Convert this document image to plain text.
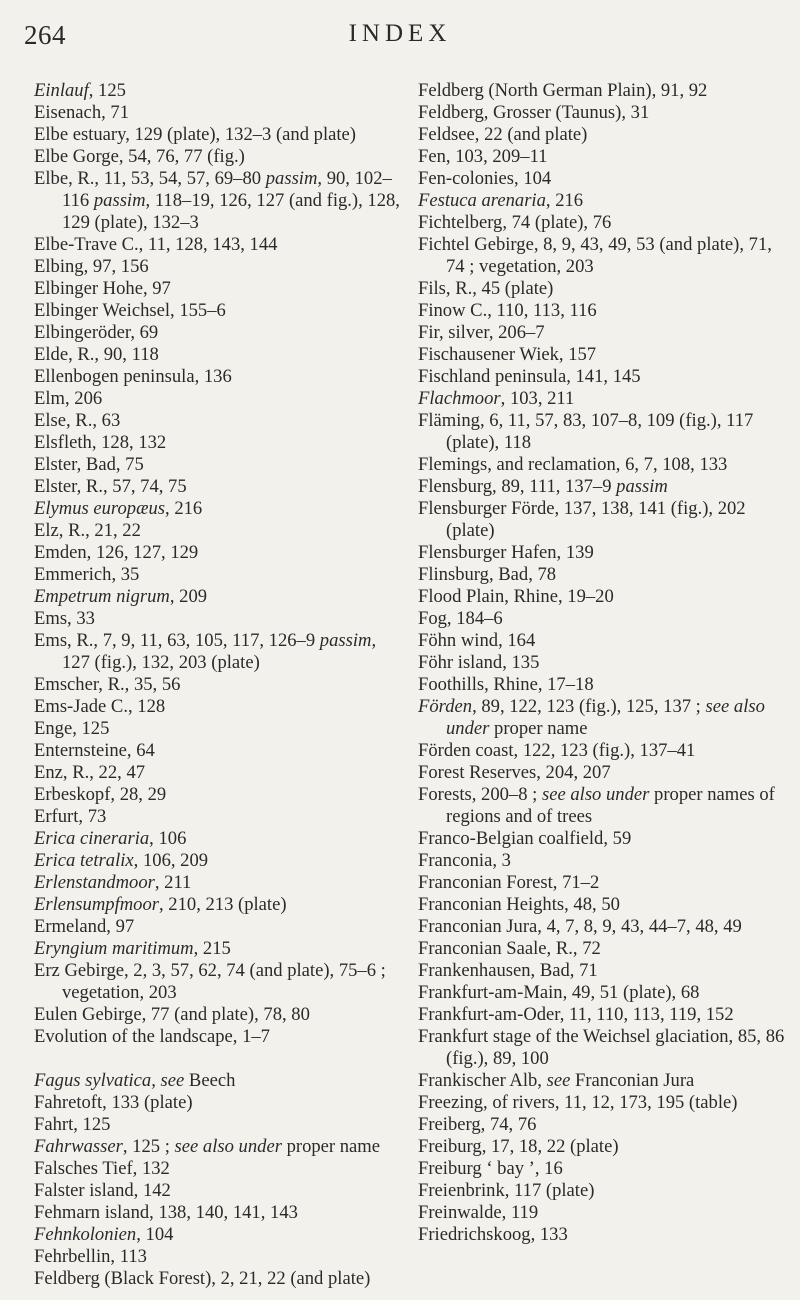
264	INDEX

Einlauf, 125

Eisenach, 71

Elbe estuary, 129 (plate), 132–3 (and plate)

Elbe Gorge, 54, 76, 77 (fig.)

Elbe, R., 11, 53, 54, 57, 69–80 passim, 90, 102–116 passim, 118–19, 126, 127 (and fig.), 128, 129 (plate), 132–3

Elbe-Trave C., 11, 128, 143, 144

Elbing, 97, 156

Elbinger Hohe, 97

Elbinger Weichsel, 155–6

Elbingeröder, 69

Elde, R., 90, 118

Ellenbogen peninsula, 136

Elm, 206

Else, R., 63

Elsfleth, 128, 132

Elster, Bad, 75

Elster, R., 57, 74, 75

Elymus europæus, 216

Elz, R., 21, 22

Emden, 126, 127, 129

Emmerich, 35

Empetrum nigrum, 209

Ems, 33

Ems, R., 7, 9, 11, 63, 105, 117, 126–9 passim, 127 (fig.), 132, 203 (plate)

Emscher, R., 35, 56

Ems-Jade C., 128

Enge, 125

Enternsteine, 64

Enz, R., 22, 47

Erbeskopf, 28, 29

Erfurt, 73

Erica cineraria, 106

Erica tetralix, 106, 209

Erlenstandmoor, 211

Erlensumpfmoor, 210, 213 (plate)

Ermeland, 97

Eryngium maritimum, 215

Erz Gebirge, 2, 3, 57, 62, 74 (and plate), 75–6 ; vegetation, 203

Eulen Gebirge, 77 (and plate), 78, 80

Evolution of the landscape, 1–7

Fagus sylvatica, see Beech

Fahretoft, 133 (plate)

Fahrt, 125

Fahrwasser, 125 ; see also under proper name

Falsches Tief, 132

Falster island, 142

Fehmarn island, 138, 140, 141, 143

Fehnkolonien, 104

Fehrbellin, 113

Feldberg (Black Forest), 2, 21, 22 (and plate)

Feldberg (North German Plain), 91, 92

Feldberg, Grosser (Taunus), 31

Feldsee, 22 (and plate)

Fen, 103, 209–11

Fen-colonies, 104

Festuca arenaria, 216

Fichtelberg, 74 (plate), 76

Fichtel Gebirge, 8, 9, 43, 49, 53 (and plate), 71, 74 ; vegetation, 203

Fils, R., 45 (plate)

Finow C., 110, 113, 116

Fir, silver, 206–7

Fischausener Wiek, 157

Fischland peninsula, 141, 145

Flachmoor, 103, 211

Fläming, 6, 11, 57, 83, 107–8, 109 (fig.), 117 (plate), 118

Flemings, and reclamation, 6, 7, 108, 133

Flensburg, 89, 111, 137–9 passim

Flensburger Förde, 137, 138, 141 (fig.), 202 (plate)

Flensburger Hafen, 139

Flinsburg, Bad, 78

Flood Plain, Rhine, 19–20

Fog, 184–6

Föhn wind, 164

Föhr island, 135

Foothills, Rhine, 17–18

Förden, 89, 122, 123 (fig.), 125, 137 ; see also under proper name

Förden coast, 122, 123 (fig.), 137–41

Forest Reserves, 204, 207

Forests, 200–8 ; see also under proper names of regions and of trees

Franco-Belgian coalfield, 59

Franconia, 3

Franconian Forest, 71–2

Franconian Heights, 48, 50

Franconian Jura, 4, 7, 8, 9, 43, 44–7, 48, 49

Franconian Saale, R., 72

Frankenhausen, Bad, 71

Frankfurt-am-Main, 49, 51 (plate), 68

Frankfurt-am-Oder, 11, 110, 113, 119, 152

Frankfurt stage of the Weichsel glaciation, 85, 86 (fig.), 89, 100

Frankischer Alb, see Franconian Jura

Freezing, of rivers, 11, 12, 173, 195 (table)

Freiberg, 74, 76

Freiburg, 17, 18, 22 (plate)

Freiburg ‘ bay ’, 16

Freienbrink, 117 (plate)

Freinwalde, 119

Friedrichskoog, 133
